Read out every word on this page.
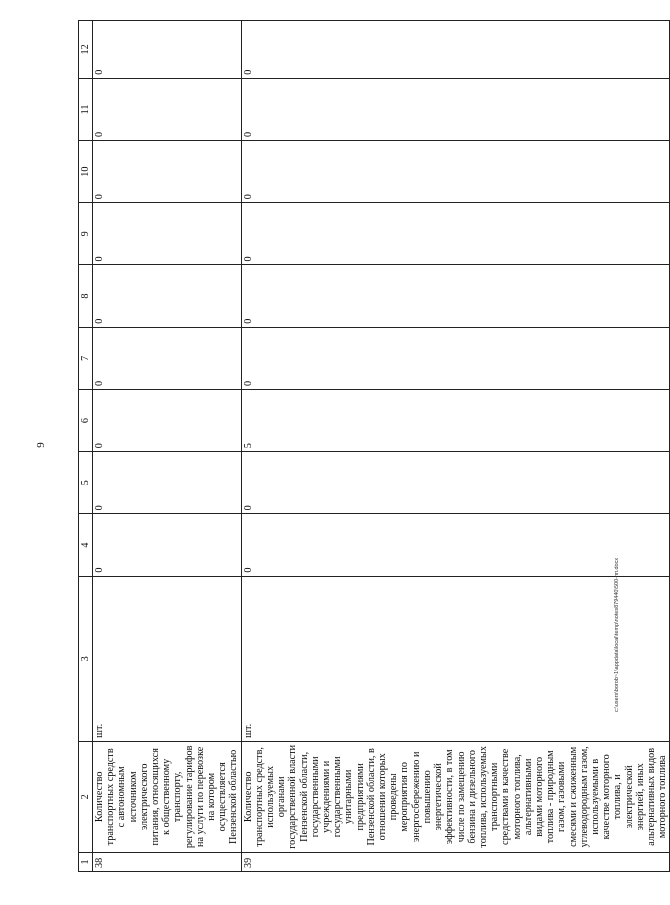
9
1	2	3	4	5	6	7	8	9	10	11	12
38	Количество транспортных средств с автономным источником электрического питания, относящихся к общественному транспорту, регулирование тарифов на услуги по перевозке на котором осуществляется Пензенской областью	шт.	0	0	0	0	0	0	0	0	0
39	Количество транспортных средств, используемых органами государственной власти Пензенской области, государственными учреждениями и государственными унитарными предприятиями Пензенской области, в отношении которых проведены мероприятия по энергосбережению и повышению энергетической эффективности, в том числе по замещению бензина и дизельного топлива, используемых транспортными средствами в качестве моторного топлива, альтернативными видами моторного топлива - природным газом, газовыми смесями и сжиженным углеводородным газом, используемыми в качестве моторного топлива, и электрической энергией, иных альтернативных видов моторного топлива	шт.	0	0	5	0	0	0	0	0	0
c:\users\borob~1\appdata\local\temp\notes879440\500-пп.docx
